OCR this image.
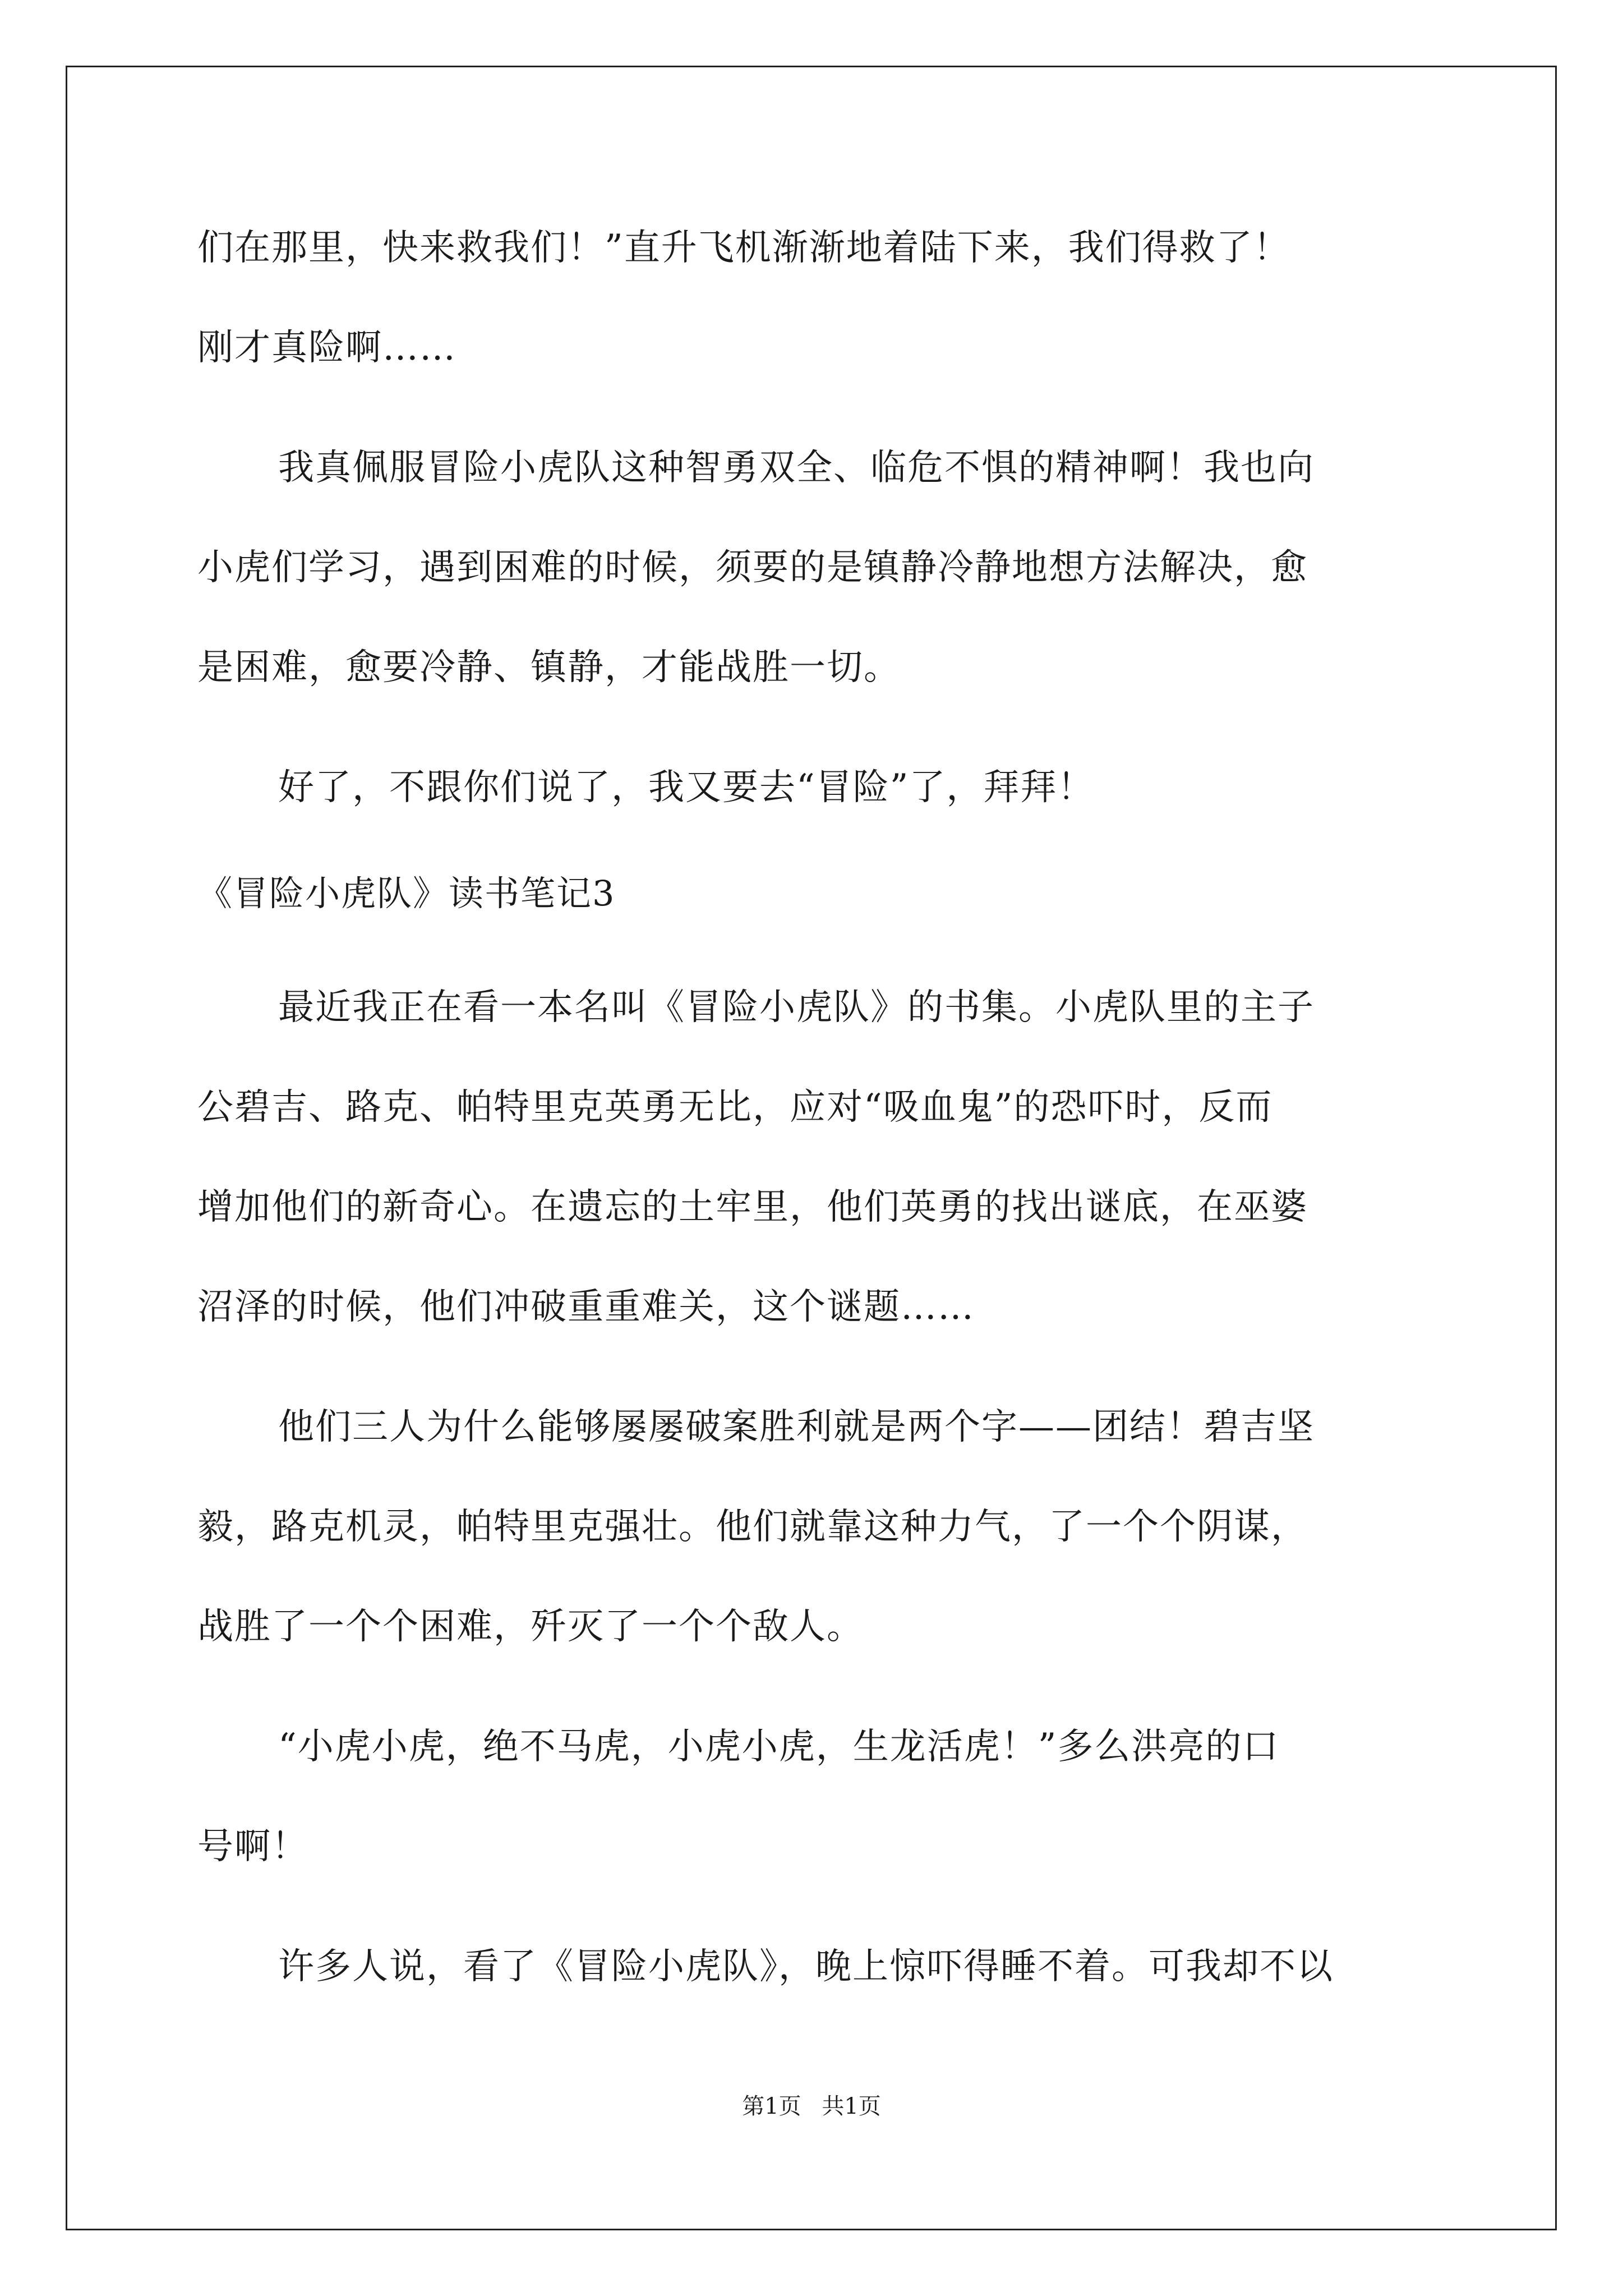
们在那里，快来救我们！”直升飞机渐渐地着陆下来，我们得救了！
刚才真险啊……
我真佩服冒险小虎队这种智勇双全、临危不惧的精神啊！我也向
小虎们学习，遇到困难的时候，须要的是镇静冷静地想方法解决，愈
是困难，愈要冷静、镇静，才能战胜一切。
好了，不跟你们说了，我又要去“冒险”了，拜拜！
《冒险小虎队》读书笔记3
最近我正在看一本名叫《冒险小虎队》的书集。小虎队里的主子
公碧吉、路克、帕特里克英勇无比，应对“吸血鬼”的恐吓时，反而
增加他们的新奇心。在遗忘的土牢里，他们英勇的找出谜底，在巫婆
沼泽的时候，他们冲破重重难关，这个谜题……
他们三人为什么能够屡屡破案胜利就是两个字——团结！碧吉坚
毅，路克机灵，帕特里克强壮。他们就靠这种力气，了一个个阴谋，
战胜了一个个困难，歼灭了一个个敌人。
“小虎小虎，绝不马虎，小虎小虎，生龙活虎！”多么洪亮的口
号啊！
许多人说，看了《冒险小虎队》，晚上惊吓得睡不着。可我却不以
第1页 共1页
